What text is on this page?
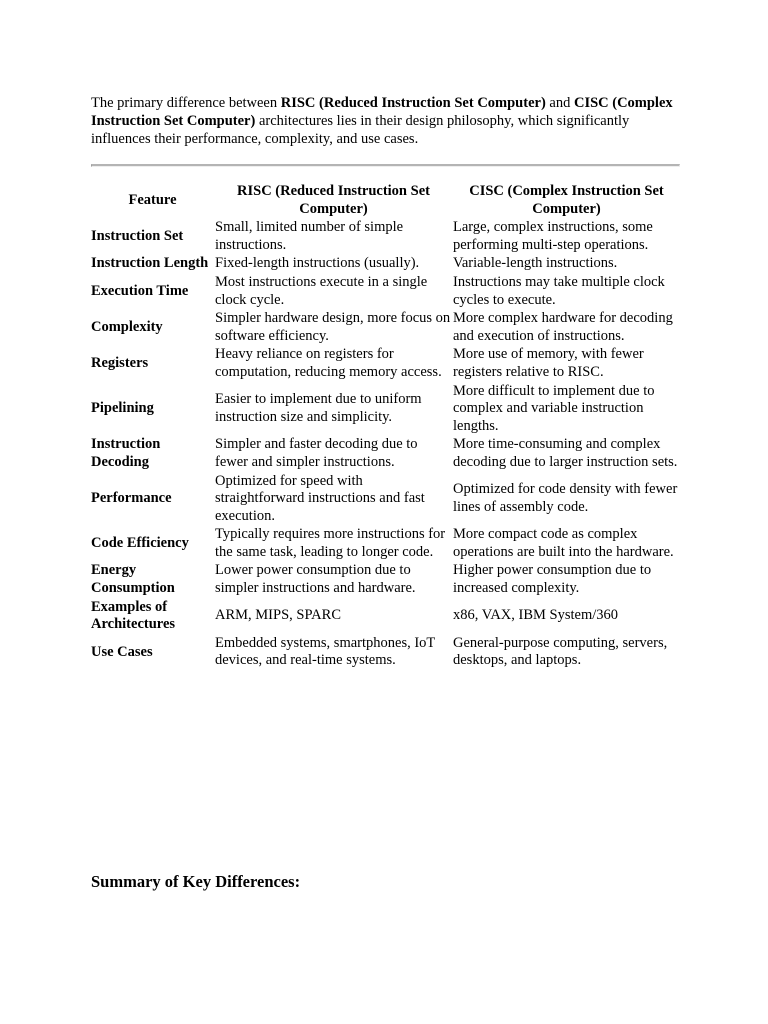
The primary difference between RISC (Reduced Instruction Set Computer) and CISC (Complex Instruction Set Computer) architectures lies in their design philosophy, which significantly influences their performance, complexity, and use cases.

Feature	RISC (Reduced Instruction Set Computer)	CISC (Complex Instruction Set Computer)
Instruction Set	Small, limited number of simple instructions.	Large, complex instructions, some performing multi-step operations.
Instruction Length	Fixed-length instructions (usually).	Variable-length instructions.
Execution Time	Most instructions execute in a single clock cycle.	Instructions may take multiple clock cycles to execute.
Complexity	Simpler hardware design, more focus on software efficiency.	More complex hardware for decoding and execution of instructions.
Registers	Heavy reliance on registers for computation, reducing memory access.	More use of memory, with fewer registers relative to RISC.
Pipelining	Easier to implement due to uniform instruction size and simplicity.	More difficult to implement due to complex and variable instruction lengths.
Instruction Decoding	Simpler and faster decoding due to fewer and simpler instructions.	More time-consuming and complex decoding due to larger instruction sets.
Performance	Optimized for speed with straightforward instructions and fast execution.	Optimized for code density with fewer lines of assembly code.
Code Efficiency	Typically requires more instructions for the same task, leading to longer code.	More compact code as complex operations are built into the hardware.
Energy Consumption	Lower power consumption due to simpler instructions and hardware.	Higher power consumption due to increased complexity.
Examples of Architectures	ARM, MIPS, SPARC	x86, VAX, IBM System/360
Use Cases	Embedded systems, smartphones, IoT devices, and real-time systems.	General-purpose computing, servers, desktops, and laptops.
Summary of Key Differences:
